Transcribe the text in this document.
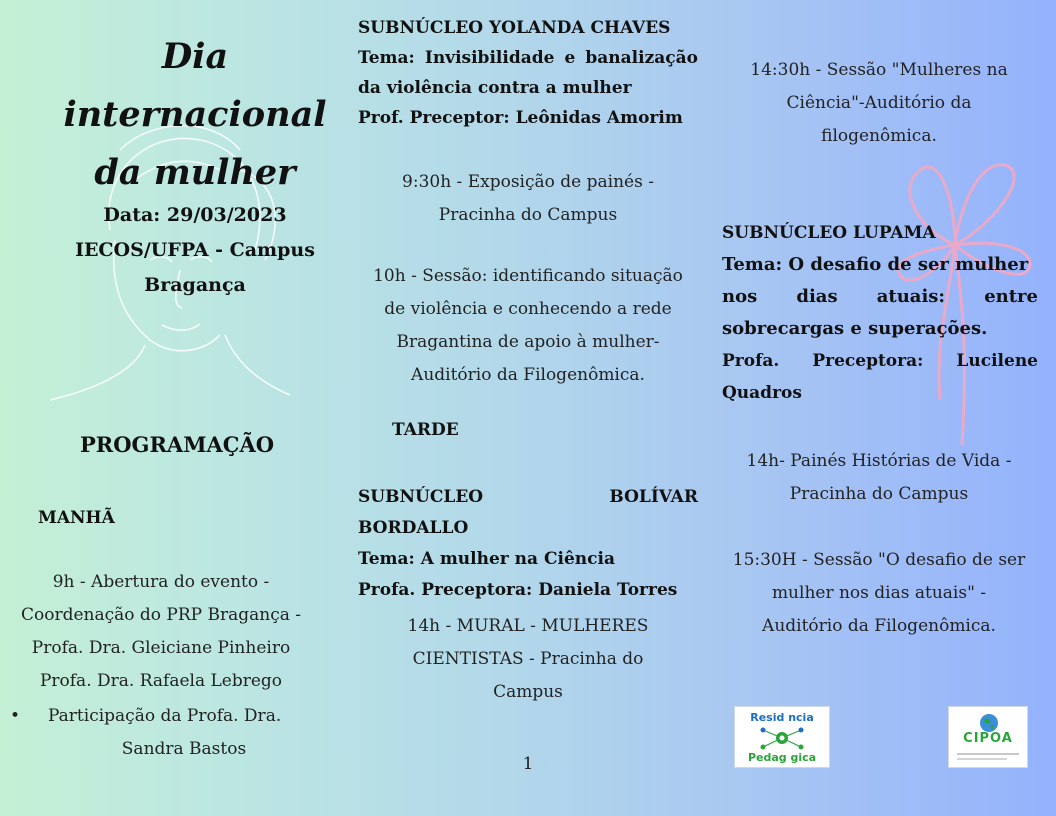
Dia
internacional
da mulher
Data: 29/03/2023
IECOS/UFPA - Campus
Bragança
PROGRAMAÇÃO
MANHÃ
9h - Abertura do evento -
Coordenação do PRP Bragança -
Profa. Dra. Gleiciane Pinheiro
Profa. Dra. Rafaela Lebrego
• Participação da Profa. Dra.
Sandra Bastos
SUBNÚCLEO YOLANDA CHAVES
Tema: Invisibilidade e banalização
da violência contra a mulher
Prof. Preceptor: Leônidas Amorim
9:30h - Exposição de painés -
Pracinha do Campus
10h - Sessão: identificando situação
de violência e conhecendo a rede
Bragantina de apoio à mulher-
Auditório da Filogenômica.
TARDE
SUBNÚCLEO	BOLÍVAR
BORDALLO
Tema: A mulher na Ciência
Profa. Preceptora: Daniela Torres
14h - MURAL - MULHERES
CIENTISTAS - Pracinha do
Campus
1
14:30h - Sessão "Mulheres na
Ciência"-Auditório da
filogenômica.
SUBNÚCLEO LUPAMA
Tema: O desafio de ser mulher
nos dias atuais: entre
sobrecargas e superações.
Profa. Preceptora: Lucilene
Quadros
14h- Painés Histórias de Vida -
Pracinha do Campus
15:30H - Sessão "O desafio de ser
mulher nos dias atuais" -
Auditório da Filogenômica.
Resid ncia
Pedag gica
CIPOA
